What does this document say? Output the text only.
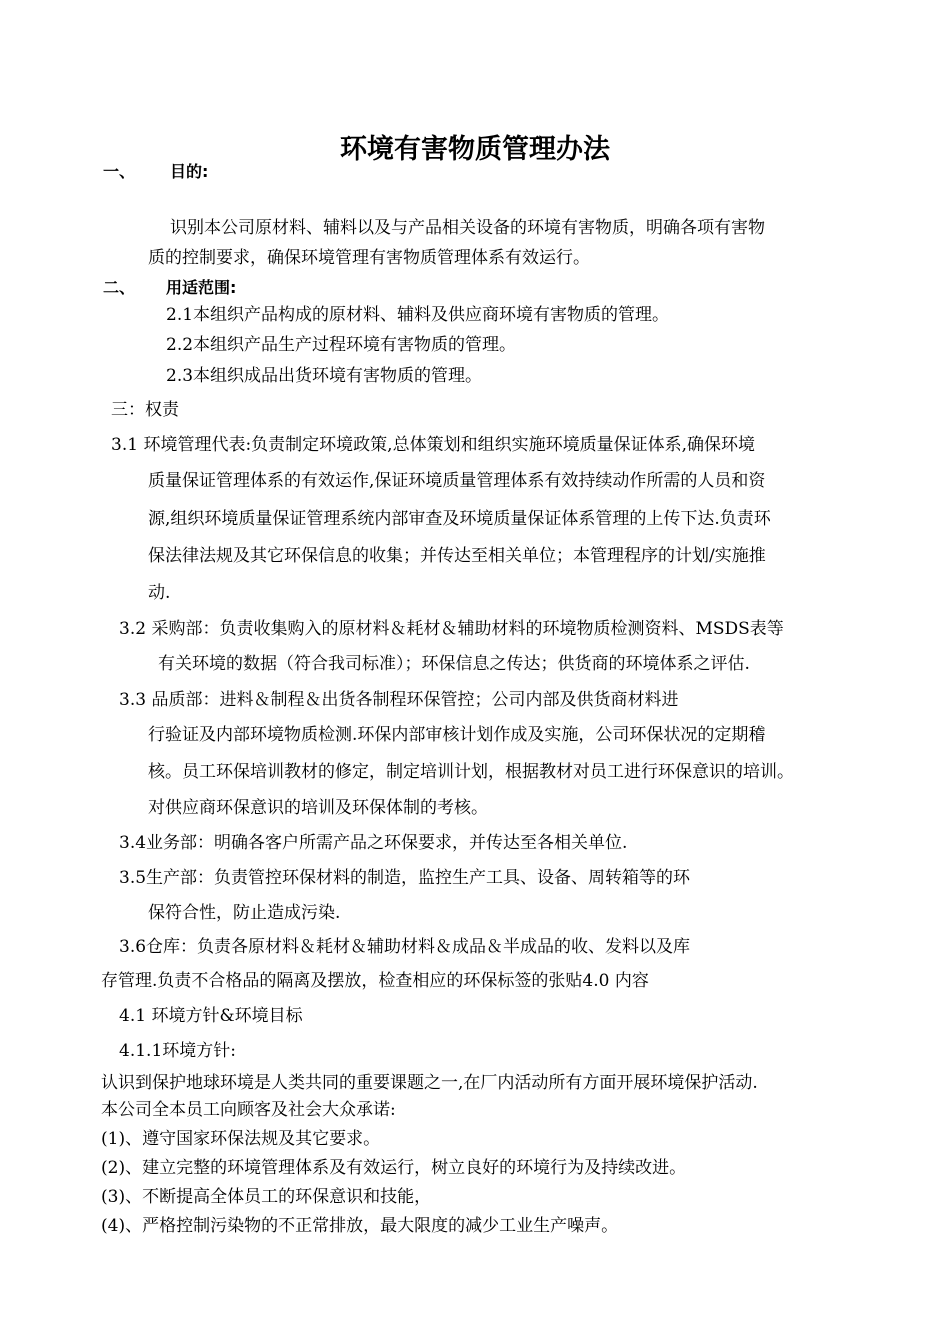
环境有害物质管理办法
一、 目的:
识别本公司原材料、辅料以及与产品相关设备的环境有害物质，明确各项有害物
质的控制要求，确保环境管理有害物质管理体系有效运行。
二、 用适范围:
2.1本组织产品构成的原材料、辅料及供应商环境有害物质的管理。
2.2本组织产品生产过程环境有害物质的管理。
2.3本组织成品出货环境有害物质的管理。
三：权责
3.1 环境管理代表:负责制定环境政策,总体策划和组织实施环境质量保证体系,确保环境
质量保证管理体系的有效运作,保证环境质量管理体系有效持续动作所需的人员和资
源,组织环境质量保证管理系统内部审查及环境质量保证体系管理的上传下达.负责环
保法律法规及其它环保信息的收集；并传达至相关单位；本管理程序的计划/实施推
动.
3.2 采购部：负责收集购入的原材料＆耗材＆辅助材料的环境物质检测资料、MSDS表等
有关环境的数据（符合我司标准）；环保信息之传达；供货商的环境体系之评估.
3.3 品质部：进料＆制程＆出货各制程环保管控；公司内部及供货商材料进
行验证及内部环境物质检测.环保内部审核计划作成及实施，公司环保状况的定期稽
核。员工环保培训教材的修定，制定培训计划，根据教材对员工进行环保意识的培训。
对供应商环保意识的培训及环保体制的考核。
3.4业务部：明确各客户所需产品之环保要求，并传达至各相关单位.
3.5生产部：负责管控环保材料的制造，监控生产工具、设备、周转箱等的环
保符合性，防止造成污染.
3.6仓库：负责各原材料＆耗材＆辅助材料＆成品＆半成品的收、发料以及库
存管理.负责不合格品的隔离及摆放，检查相应的环保标签的张贴4.0 内容
4.1 环境方针&环境目标
4.1.1环境方针:
认识到保护地球环境是人类共同的重要课题之一,在厂内活动所有方面开展环境保护活动.
本公司全本员工向顾客及社会大众承诺:
(1)、遵守国家环保法规及其它要求。
(2)、建立完整的环境管理体系及有效运行，树立良好的环境行为及持续改进。
(3)、不断提高全体员工的环保意识和技能，
(4)、严格控制污染物的不正常排放，最大限度的减少工业生产噪声。
